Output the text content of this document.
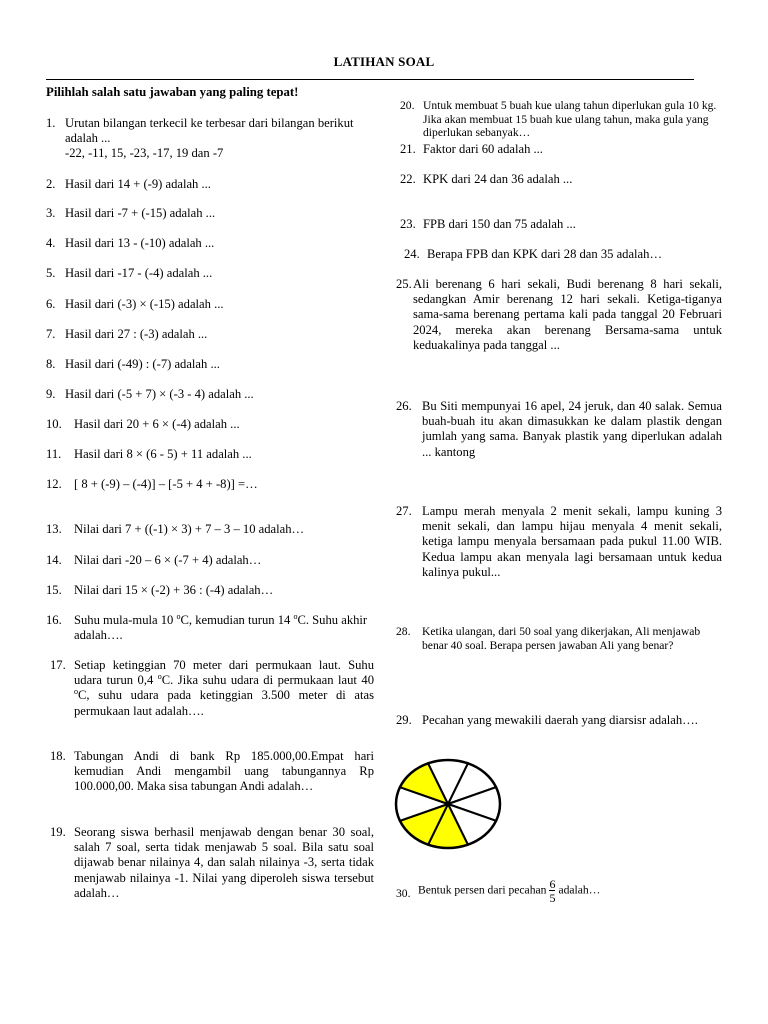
LATIHAN SOAL
Pilihlah salah satu jawaban yang paling tepat!
1. Urutan bilangan terkecil ke terbesar dari bilangan berikut adalah ...
-22, -11, 15, -23, -17, 19 dan -7
2. Hasil dari 14 + (-9) adalah ...
3. Hasil dari -7 + (-15) adalah ...
4. Hasil dari 13 - (-10) adalah ...
5. Hasil dari -17 - (-4) adalah ...
6. Hasil dari (-3) × (-15) adalah ...
7. Hasil dari 27 : (-3) adalah ...
8. Hasil dari (-49) : (-7) adalah ...
9. Hasil dari (-5 + 7) × (-3 - 4) adalah ...
10. Hasil dari 20 + 6 × (-4) adalah ...
11.	Hasil dari 8 × (6 - 5) + 11 adalah ...
12. [ 8 + (-9) – (-4)] – [-5 + 4 + -8)] =…
13. Nilai dari 7 + ((-1) × 3) + 7 – 3 – 10 adalah…
14. Nilai dari -20 – 6 × (-7 + 4) adalah…
15. Nilai dari 15 × (-2) + 36 : (-4) adalah…
16. Suhu mula-mula 10 $^o$C, kemudian turun 14 $^o$C. Suhu akhir adalah….
17. Setiap ketinggian 70 meter dari permukaan laut. Suhu udara turun 0,4 $^o$C. Jika suhu udara di permukaan laut 40 $^o$C, suhu udara pada ketinggian 3.500 meter di atas permukaan laut adalah….
18. Tabungan Andi di bank Rp 185.000,00.Empat hari kemudian Andi mengambil uang tabungannya Rp 100.000,00. Maka sisa tabungan Andi adalah…
19. Seorang siswa berhasil menjawab dengan benar 30 soal, salah 7 soal, serta tidak menjawab 5 soal. Bila satu soal dijawab benar nilainya 4, dan salah nilainya -3, serta tidak menjawab nilainya -1. Nilai yang diperoleh siswa tersebut adalah…
20. Untuk membuat 5 buah kue ulang tahun diperlukan gula 10 kg. Jika akan membuat 15 buah kue ulang tahun, maka gula yang diperlukan sebanyak…
21. Faktor dari 60 adalah ...
22. KPK dari 24 dan 36 adalah ...
23. FPB dari 150 dan 75 adalah ...
24. Berapa FPB dan KPK dari 28 dan 35 adalah…
25. Ali berenang 6 hari sekali, Budi berenang 8 hari sekali, sedangkan Amir berenang 12 hari sekali. Ketiga-tiganya sama-sama berenang pertama kali pada tanggal 20 Februari 2024, mereka akan berenang Bersama-sama untuk keduakalinya pada tanggal ...
26. Bu Siti mempunyai 16 apel, 24 jeruk, dan 40 salak. Semua buah-buah itu akan dimasukkan ke dalam plastik dengan jumlah yang sama. Banyak plastik yang diperlukan adalah ... kantong
27. Lampu merah menyala 2 menit sekali, lampu kuning 3 menit sekali, dan lampu hijau menyala 4 menit sekali, ketiga lampu menyala bersamaan pada pukul 11.00 WIB. Kedua lampu akan menyala lagi bersamaan untuk kedua kalinya pukul...
28. Ketika ulangan, dari 50 soal yang dikerjakan, Ali menjawab benar 40 soal. Berapa persen jawaban Ali yang benar?
29. Pecahan yang mewakili daerah yang diarsisr adalah….
30. Bentuk persen dari pecahan $\frac{6}{5}$ adalah…
